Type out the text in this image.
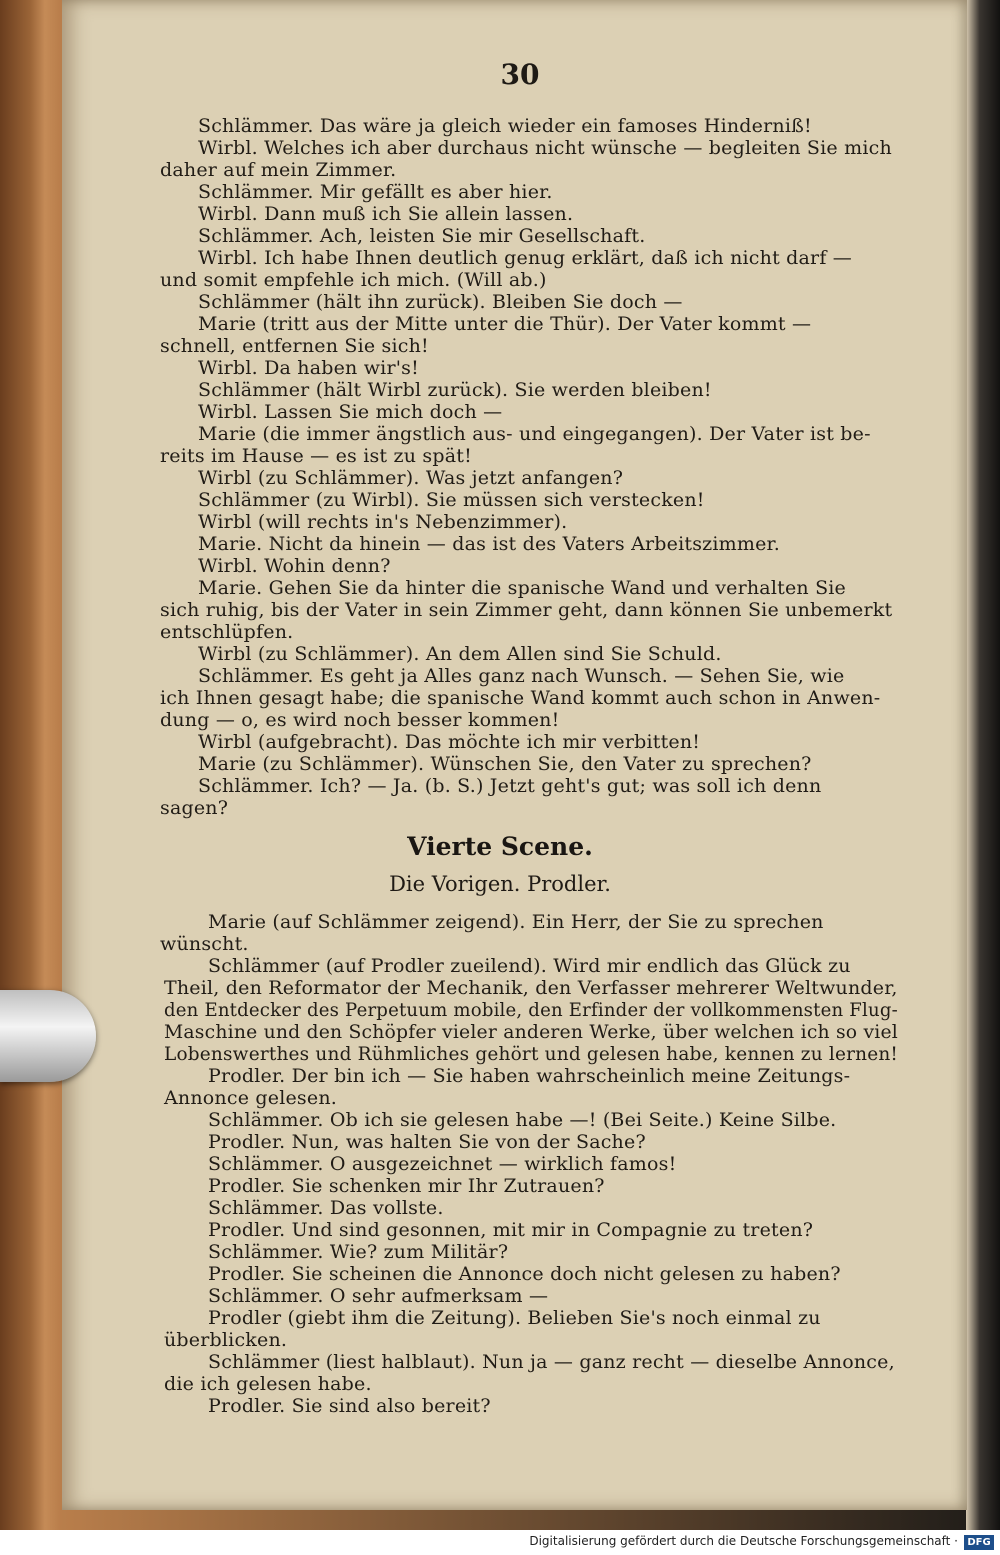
30
Schlämmer. Das wäre ja gleich wieder ein famoses Hinderniß!
Wirbl. Welches ich aber durchaus nicht wünsche — begleiten Sie mich
daher auf mein Zimmer.
Schlämmer. Mir gefällt es aber hier.
Wirbl. Dann muß ich Sie allein lassen.
Schlämmer. Ach, leisten Sie mir Gesellschaft.
Wirbl. Ich habe Ihnen deutlich genug erklärt, daß ich nicht darf —
und somit empfehle ich mich. (Will ab.)
Schlämmer (hält ihn zurück). Bleiben Sie doch —
Marie (tritt aus der Mitte unter die Thür). Der Vater kommt —
schnell, entfernen Sie sich!
Wirbl. Da haben wir's!
Schlämmer (hält Wirbl zurück). Sie werden bleiben!
Wirbl. Lassen Sie mich doch —
Marie (die immer ängstlich aus- und eingegangen). Der Vater ist be-
reits im Hause — es ist zu spät!
Wirbl (zu Schlämmer). Was jetzt anfangen?
Schlämmer (zu Wirbl). Sie müssen sich verstecken!
Wirbl (will rechts in's Nebenzimmer).
Marie. Nicht da hinein — das ist des Vaters Arbeitszimmer.
Wirbl. Wohin denn?
Marie. Gehen Sie da hinter die spanische Wand und verhalten Sie
sich ruhig, bis der Vater in sein Zimmer geht, dann können Sie unbemerkt
entschlüpfen.
Wirbl (zu Schlämmer). An dem Allen sind Sie Schuld.
Schlämmer. Es geht ja Alles ganz nach Wunsch. — Sehen Sie, wie
ich Ihnen gesagt habe; die spanische Wand kommt auch schon in Anwen-
dung — o, es wird noch besser kommen!
Wirbl (aufgebracht). Das möchte ich mir verbitten!
Marie (zu Schlämmer). Wünschen Sie, den Vater zu sprechen?
Schlämmer. Ich? — Ja. (b. S.) Jetzt geht's gut; was soll ich denn
sagen?
Vierte Scene.
Die Vorigen. Prodler.
Marie (auf Schlämmer zeigend). Ein Herr, der Sie zu sprechen
wünscht.
Schlämmer (auf Prodler zueilend). Wird mir endlich das Glück zu
Theil, den Reformator der Mechanik, den Verfasser mehrerer Weltwunder,
den Entdecker des Perpetuum mobile, den Erfinder der vollkommensten Flug-
Maschine und den Schöpfer vieler anderen Werke, über welchen ich so viel
Lobenswerthes und Rühmliches gehört und gelesen habe, kennen zu lernen!
Prodler. Der bin ich — Sie haben wahrscheinlich meine Zeitungs-
Annonce gelesen.
Schlämmer. Ob ich sie gelesen habe —! (Bei Seite.) Keine Silbe.
Prodler. Nun, was halten Sie von der Sache?
Schlämmer. O ausgezeichnet — wirklich famos!
Prodler. Sie schenken mir Ihr Zutrauen?
Schlämmer. Das vollste.
Prodler. Und sind gesonnen, mit mir in Compagnie zu treten?
Schlämmer. Wie? zum Militär?
Prodler. Sie scheinen die Annonce doch nicht gelesen zu haben?
Schlämmer. O sehr aufmerksam —
Prodler (giebt ihm die Zeitung). Belieben Sie's noch einmal zu
überblicken.
Schlämmer (liest halblaut). Nun ja — ganz recht — dieselbe Annonce,
die ich gelesen habe.
Prodler. Sie sind also bereit?
Digitalisierung gefördert durch die Deutsche Forschungsgemeinschaft · DFG
